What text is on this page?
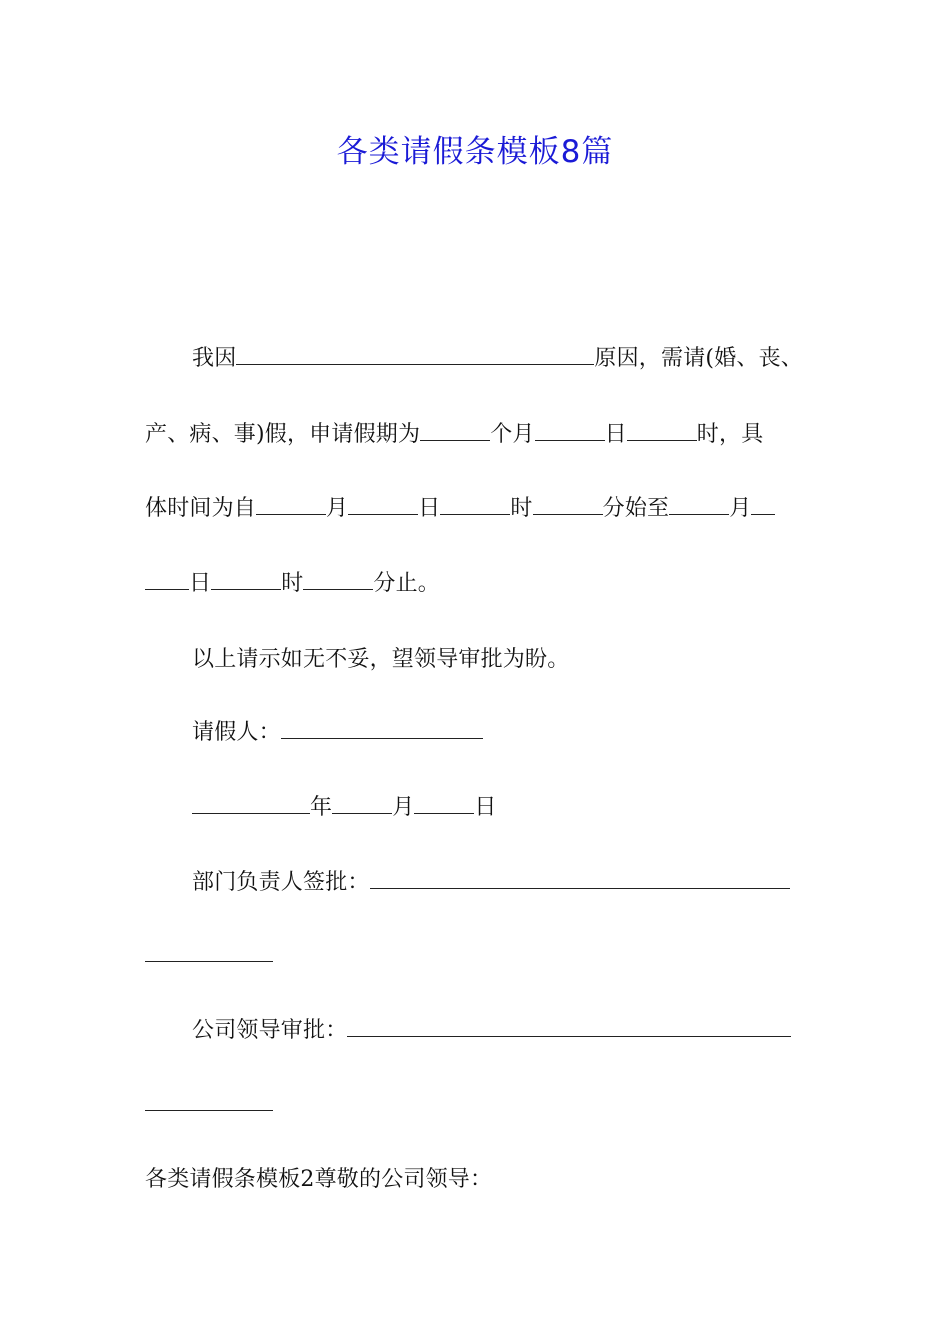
各类请假条模板8篇

我因	原因，需请(婚、丧、

产、病、事)假，申请假期为	个月	日	时，具

体时间为自	月	日	时	分始至	月

日	时	分止。

以上请示如无不妥，望领导审批为盼。

请假人：

年	月	日

部门负责人签批：

公司领导审批：

各类请假条模板2尊敬的公司领导：
